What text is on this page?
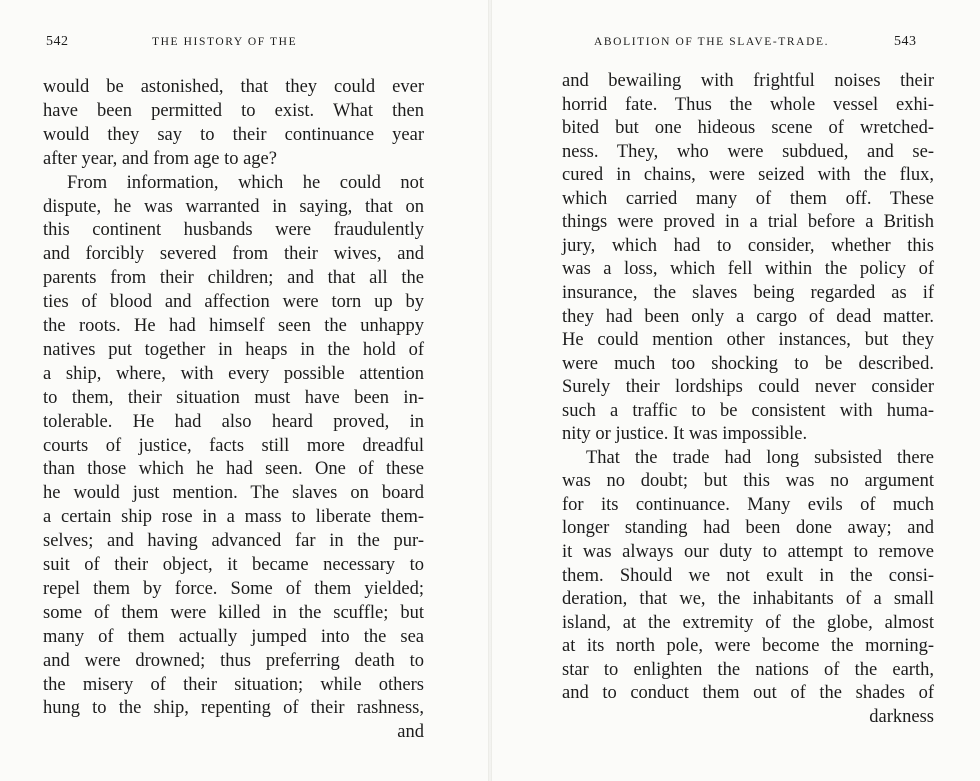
542	THE HISTORY OF THE
would be astonished, that they could ever
have been permitted to exist. What then
would they say to their continuance year
after year, and from age to age?
From information, which he could not
dispute, he was warranted in saying, that on
this continent husbands were fraudulently
and forcibly severed from their wives, and
parents from their children; and that all the
ties of blood and affection were torn up by
the roots. He had himself seen the unhappy
natives put together in heaps in the hold of
a ship, where, with every possible attention
to them, their situation must have been in-
tolerable. He had also heard proved, in
courts of justice, facts still more dreadful
than those which he had seen. One of these
he would just mention. The slaves on board
a certain ship rose in a mass to liberate them-
selves; and having advanced far in the pur-
suit of their object, it became necessary to
repel them by force. Some of them yielded;
some of them were killed in the scuffle; but
many of them actually jumped into the sea
and were drowned; thus preferring death to
the misery of their situation; while others
hung to the ship, repenting of their rashness,
and
ABOLITION OF THE SLAVE-TRADE.	543
and bewailing with frightful noises their
horrid fate. Thus the whole vessel exhi-
bited but one hideous scene of wretched-
ness. They, who were subdued, and se-
cured in chains, were seized with the flux,
which carried many of them off. These
things were proved in a trial before a British
jury, which had to consider, whether this
was a loss, which fell within the policy of
insurance, the slaves being regarded as if
they had been only a cargo of dead matter.
He could mention other instances, but they
were much too shocking to be described.
Surely their lordships could never consider
such a traffic to be consistent with huma-
nity or justice. It was impossible.
That the trade had long subsisted there
was no doubt; but this was no argument
for its continuance. Many evils of much
longer standing had been done away; and
it was always our duty to attempt to remove
them. Should we not exult in the consi-
deration, that we, the inhabitants of a small
island, at the extremity of the globe, almost
at its north pole, were become the morning-
star to enlighten the nations of the earth,
and to conduct them out of the shades of
darkness
